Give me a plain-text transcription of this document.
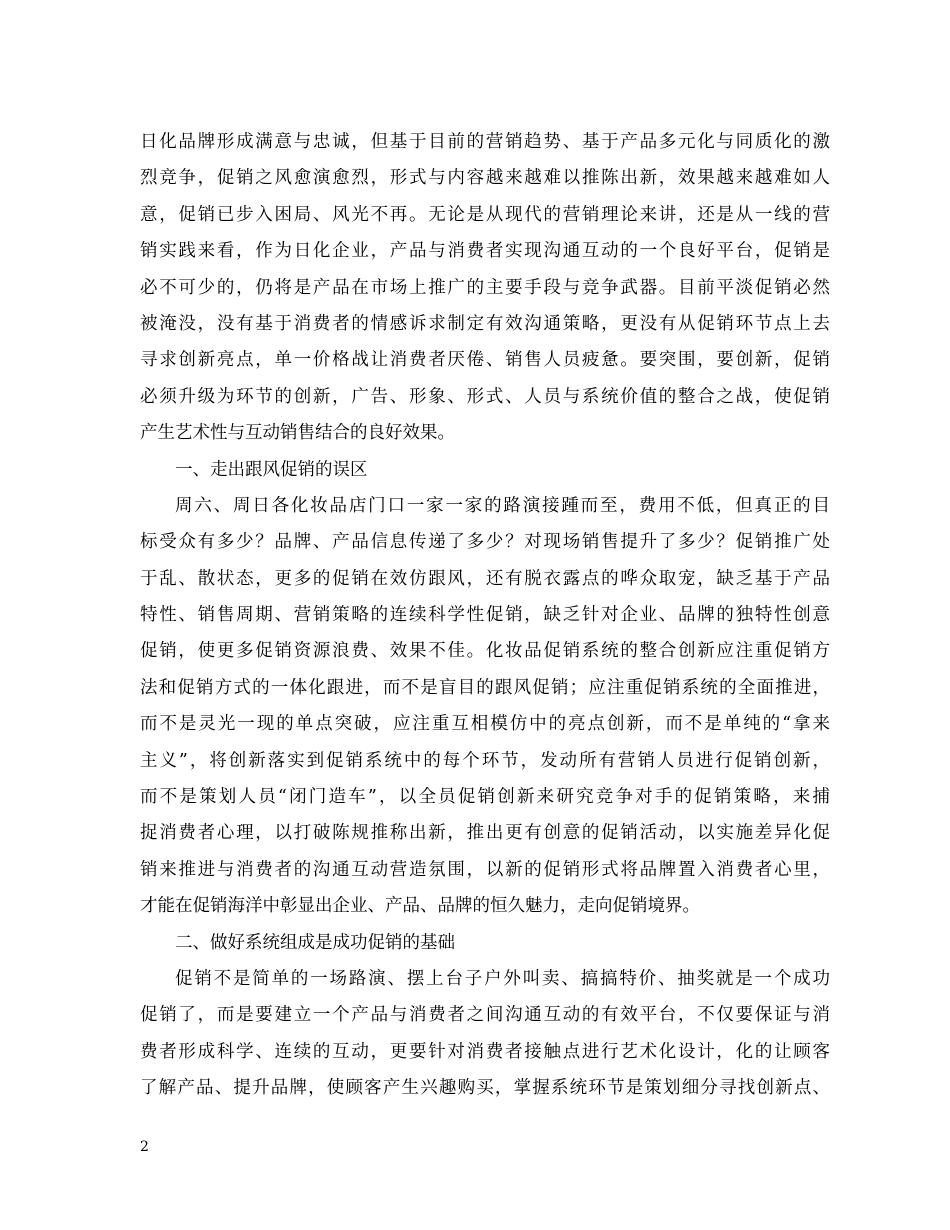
日化品牌形成满意与忠诚，但基于目前的营销趋势、基于产品多元化与同质化的激
烈竞争，促销之风愈演愈烈，形式与内容越来越难以推陈出新，效果越来越难如人
意，促销已步入困局、风光不再。无论是从现代的营销理论来讲，还是从一线的营
销实践来看，作为日化企业，产品与消费者实现沟通互动的一个良好平台，促销是
必不可少的，仍将是产品在市场上推广的主要手段与竞争武器。目前平淡促销必然
被淹没，没有基于消费者的情感诉求制定有效沟通策略，更没有从促销环节点上去
寻求创新亮点，单一价格战让消费者厌倦、销售人员疲惫。要突围，要创新，促销
必须升级为环节的创新，广告、形象、形式、人员与系统价值的整合之战，使促销
产生艺术性与互动销售结合的良好效果。
一、走出跟风促销的误区
周六、周日各化妆品店门口一家一家的路演接踵而至，费用不低，但真正的目
标受众有多少？品牌、产品信息传递了多少？对现场销售提升了多少？促销推广处
于乱、散状态，更多的促销在效仿跟风，还有脱衣露点的哗众取宠，缺乏基于产品
特性、销售周期、营销策略的连续科学性促销，缺乏针对企业、品牌的独特性创意
促销，使更多促销资源浪费、效果不佳。化妆品促销系统的整合创新应注重促销方
法和促销方式的一体化跟进，而不是盲目的跟风促销；应注重促销系统的全面推进，
而不是灵光一现的单点突破，应注重互相模仿中的亮点创新，而不是单纯的“拿来
主义”，将创新落实到促销系统中的每个环节，发动所有营销人员进行促销创新，
而不是策划人员“闭门造车”，以全员促销创新来研究竞争对手的促销策略，来捕
捉消费者心理，以打破陈规推称出新，推出更有创意的促销活动，以实施差异化促
销来推进与消费者的沟通互动营造氛围，以新的促销形式将品牌置入消费者心里，
才能在促销海洋中彰显出企业、产品、品牌的恒久魅力，走向促销境界。
二、做好系统组成是成功促销的基础
促销不是简单的一场路演、摆上台子户外叫卖、搞搞特价、抽奖就是一个成功
促销了，而是要建立一个产品与消费者之间沟通互动的有效平台，不仅要保证与消
费者形成科学、连续的互动，更要针对消费者接触点进行艺术化设计，化的让顾客
了解产品、提升品牌，使顾客产生兴趣购买，掌握系统环节是策划细分寻找创新点、
2
